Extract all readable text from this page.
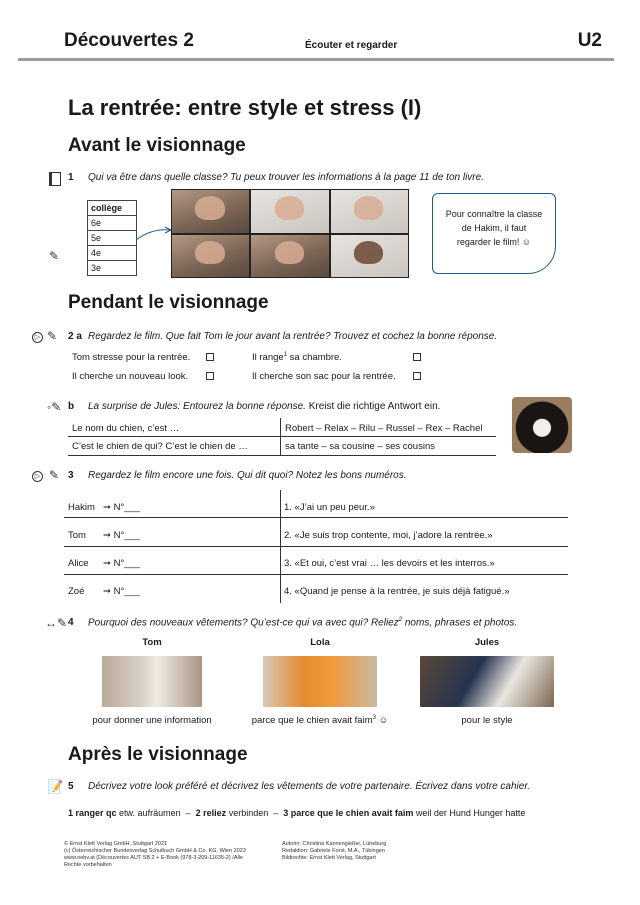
Découvertes 2	Écouter et regarder	U2
La rentrée: entre style et stress (I)
Avant le visionnage
1 Qui va être dans quelle classe? Tu peux trouver les informations à la page 11 de ton livre.
collège
6e
5e
4e
3e
✎
Pour connaître la classe
de Hakim, il faut
regarder le film! ☺
Pendant le visionnage
▷ ✎ 2 a Regardez le film. Que fait Tom le jour avant la rentrée? Trouvez et cochez la bonne réponse.
Tom stresse pour la rentrée.	Il range$^1$ sa chambre.
Il cherche un nouveau look.	Il cherche son sac pour la rentrée.
◦✎ b La surprise de Jules: Entourez la bonne réponse. Kreist die richtige Antwort ein.
Le nom du chien, c’est …	Robert – Relax – Rilu – Russel – Rex – Rachel
C’est le chien de qui? C’est le chien de …	sa tante – sa cousine – ses cousins
▷ ✎ 3 Regardez le film encore une fois. Qui dit quoi? Notez les bons numéros.
Hakim ➞ N°___	1. «J’ai un peu peur.»
Tom ➞ N°___	2. «Je suis trop contente, moi, j’adore la rentrée.»
Alice ➞ N°___	3. «Et oui, c’est vrai … les devoirs et les interros.»
Zoé ➞ N°___	4. «Quand je pense à la rentrée, je suis déjà fatigué.»
↔✎ 4 Pourquoi des nouveaux vêtements? Qu’est-ce qui va avec qui? Reliez$^2$ noms, phrases et photos.
Tom	Lola	Jules
pour donner une information	parce que le chien avait faim$^3$ ☺	pour le style
Après le visionnage
📝 5 Décrivez votre look préféré et décrivez les vêtements de votre partenaire. Écrivez dans votre cahier.
1 ranger qc etw. aufräumen – 2 reliez verbinden – 3 parce que le chien avait faim weil der Hund Hunger hatte
© Ernst Klett Verlag GmbH, Stuttgart 2021
(c) Österreichischer Bundesverlag Schulbuch GmbH & Co. KG, Wien 2023
www.oebv.at (Découvertes AUT SB 2 + E-Book (978-3-209-11635-2) /Alle
Rechte vorbehalten
Autorin: Christina Kannengießer, Lüneburg
Redaktion: Gabriele Forst, M.A., Tübingen
Bildrechte: Ernst Klett Verlag, Stuttgart
